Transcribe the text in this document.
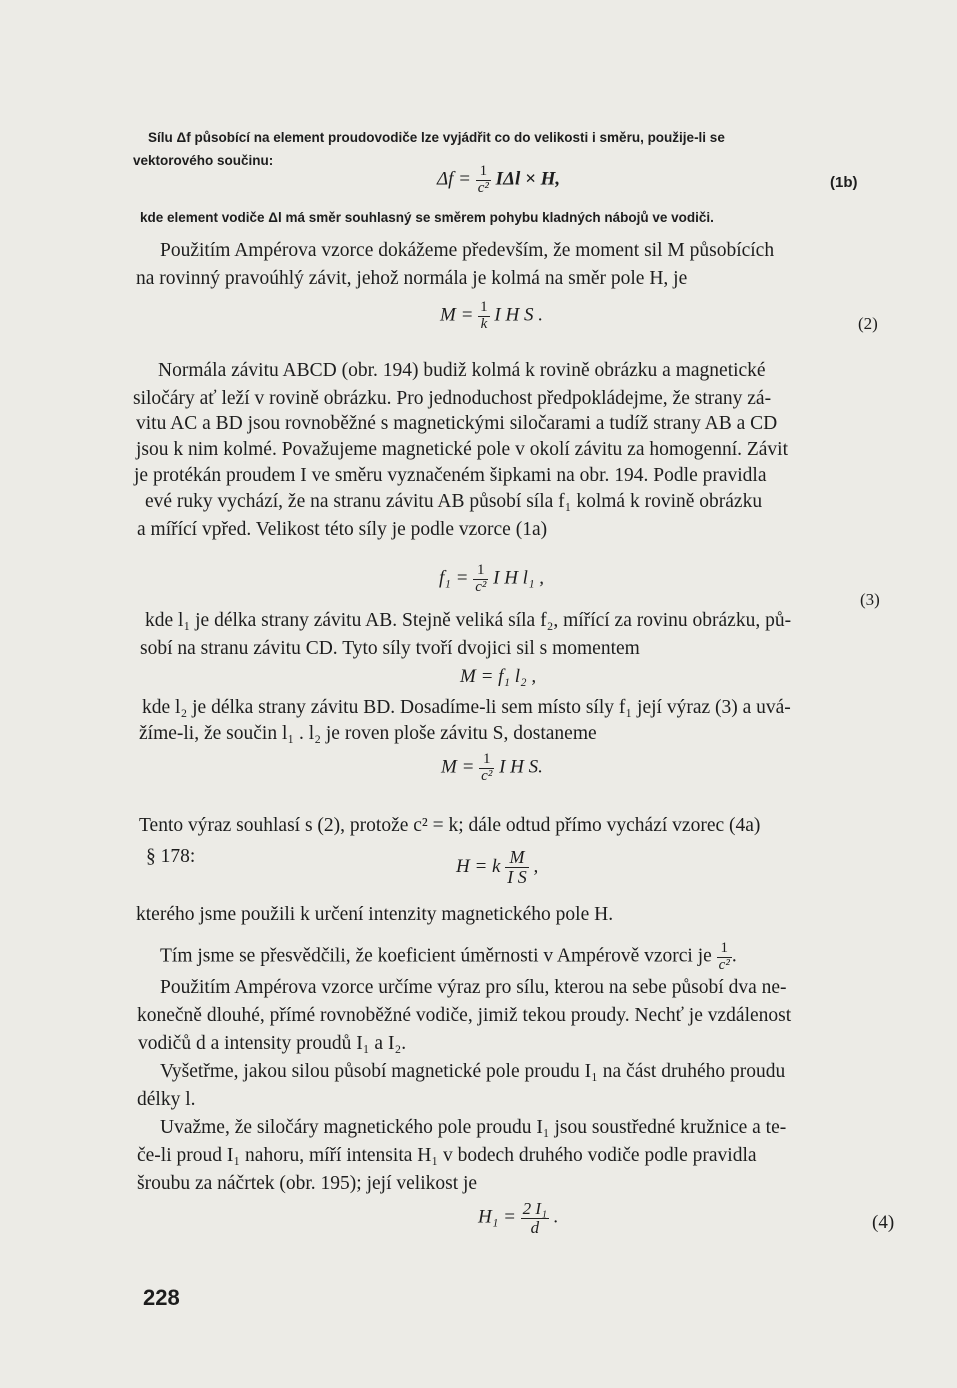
Sílu Δf působící na element proudovodiče lze vyjádřit co do velikosti i směru, použije-li se
vektorového součinu:
$\Delta f = \frac{1}{\text{c²}}$ IΔl × H,	(1b)
kde element vodiče Δl má směr souhlasný se směrem pohybu kladných nábojů ve vodiči.
Použitím Ampérova vzorce dokážeme především, že moment sil M působících
na rovinný pravoúhlý závit, jehož normála je kolmá na směr pole H, je
$M = \frac{1}{k}$ I H S .	(2)
Normála závitu ABCD (obr. 194) budiž kolmá k rovině obrázku a magnetické
siločáry ať leží v rovině obrázku. Pro jednoduchost předpokládejme, že strany zá-
vitu AC a BD jsou rovnoběžné s magnetickými siločarami a tudíž strany AB a CD
jsou k nim kolmé. Považujeme magnetické pole v okolí závitu za homogenní. Závit
je protékán proudem I ve směru vyznačeném šipkami na obr. 194. Podle pravidla
evé ruky vychází, že na stranu závitu AB působí síla f₁ kolmá k rovině obrázku
a mířící vpřed. Velikost této síly je podle vzorce (1a)
$f_1 = \frac{1}{\text{c²}}$ I H l₁ ,
(3)
kde l₁ je délka strany závitu AB. Stejně veliká síla f₂, mířící za rovinu obrázku, pů-
sobí na stranu závitu CD. Tyto síly tvoří dvojici sil s momentem
M = f₁ l₂ ,
kde l₂ je délka strany závitu BD. Dosadíme-li sem místo síly f₁ její výraz (3) a uvá-
žíme-li, že součin l₁ . l₂ je roven ploše závitu S, dostaneme
$M = \frac{1}{\text{c²}}$ I H S.
Tento výraz souhlasí s (2), protože c² = k; dále odtud přímo vychází vzorec (4a)
§ 178:	H = k $\frac{M}{\text{I S}}$ ,
kterého jsme použili k určení intenzity magnetického pole H.
Tím jsme se přesvědčili, že koeficient úměrnosti v Ampérově vzorci je $\frac{1}{\text{c²}}$ .
Použitím Ampérova vzorce určíme výraz pro sílu, kterou na sebe působí dva ne-
konečně dlouhé, přímé rovnoběžné vodiče, jimiž tekou proudy. Nechť je vzdálenost
vodičů d a intensity proudů I₁ a I₂.
Vyšetřme, jakou silou působí magnetické pole proudu I₁ na část druhého proudu
délky l.
Uvažme, že siločáry magnetického pole proudu I₁ jsou soustředné kružnice a te-
če-li proud I₁ nahoru, míří intensita H₁ v bodech druhého vodiče podle pravidla
šroubu za náčrtek (obr. 195); její velikost je
$H_1 = \frac{\text{2 I₁}}{d}$ .	(4)
228
